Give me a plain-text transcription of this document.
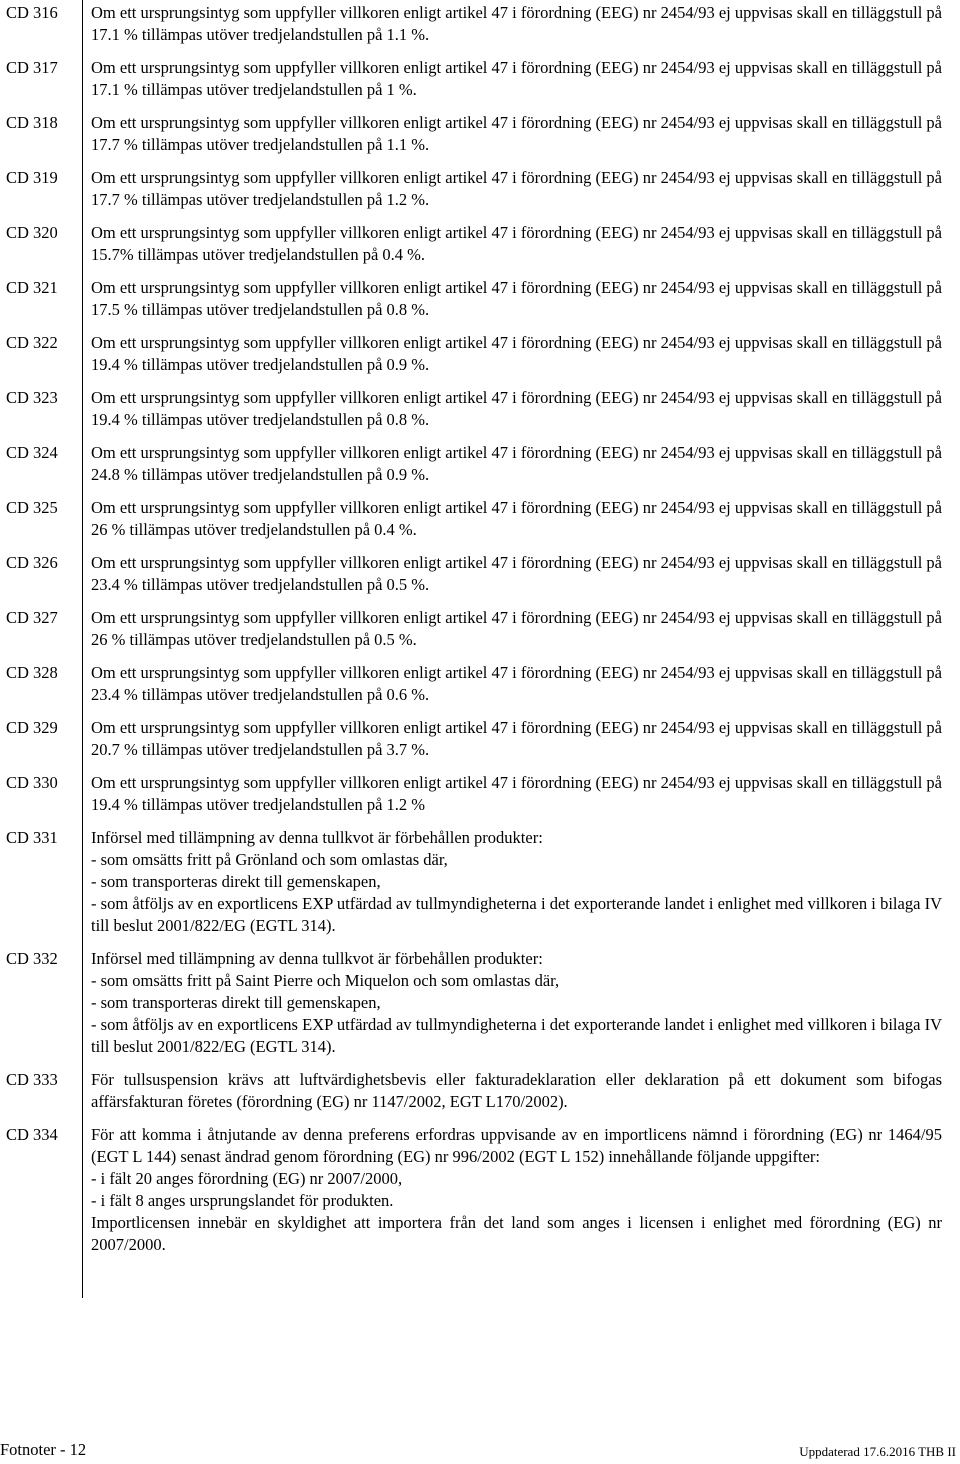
CD 316	Om ett ursprungsintyg som uppfyller villkoren enligt artikel 47 i förordning (EEG) nr 2454/93 ej uppvisas skall en tilläggstull på 17.1 % tillämpas utöver tredjelandstullen på 1.1 %.
CD 317	Om ett ursprungsintyg som uppfyller villkoren enligt artikel 47 i förordning (EEG) nr 2454/93 ej uppvisas skall en tilläggstull på 17.1 % tillämpas utöver tredjelandstullen på 1 %.
CD 318	Om ett ursprungsintyg som uppfyller villkoren enligt artikel 47 i förordning (EEG) nr 2454/93 ej uppvisas skall en tilläggstull på 17.7 % tillämpas utöver tredjelandstullen på 1.1 %.
CD 319	Om ett ursprungsintyg som uppfyller villkoren enligt artikel 47 i förordning (EEG) nr 2454/93 ej uppvisas skall en tilläggstull på 17.7 % tillämpas utöver tredjelandstullen på 1.2 %.
CD 320	Om ett ursprungsintyg som uppfyller villkoren enligt artikel 47 i förordning (EEG) nr 2454/93 ej uppvisas skall en tilläggstull på 15.7% tillämpas utöver tredjelandstullen på 0.4 %.
CD 321	Om ett ursprungsintyg som uppfyller villkoren enligt artikel 47 i förordning (EEG) nr 2454/93 ej uppvisas skall en tilläggstull på 17.5 % tillämpas utöver tredjelandstullen på 0.8 %.
CD 322	Om ett ursprungsintyg som uppfyller villkoren enligt artikel 47 i förordning (EEG) nr 2454/93 ej uppvisas skall en tilläggstull på 19.4 % tillämpas utöver tredjelandstullen på 0.9 %.
CD 323	Om ett ursprungsintyg som uppfyller villkoren enligt artikel 47 i förordning (EEG) nr 2454/93 ej uppvisas skall en tilläggstull på 19.4 % tillämpas utöver tredjelandstullen på 0.8 %.
CD 324	Om ett ursprungsintyg som uppfyller villkoren enligt artikel 47 i förordning (EEG) nr 2454/93 ej uppvisas skall en tilläggstull på 24.8 % tillämpas utöver tredjelandstullen på 0.9 %.
CD 325	Om ett ursprungsintyg som uppfyller villkoren enligt artikel 47 i förordning (EEG) nr 2454/93 ej uppvisas skall en tilläggstull på 26 % tillämpas utöver tredjelandstullen på 0.4 %.
CD 326	Om ett ursprungsintyg som uppfyller villkoren enligt artikel 47 i förordning (EEG) nr 2454/93 ej uppvisas skall en tilläggstull på 23.4 % tillämpas utöver tredjelandstullen på 0.5 %.
CD 327	Om ett ursprungsintyg som uppfyller villkoren enligt artikel 47 i förordning (EEG) nr 2454/93 ej uppvisas skall en tilläggstull på 26 % tillämpas utöver tredjelandstullen på 0.5 %.
CD 328	Om ett ursprungsintyg som uppfyller villkoren enligt artikel 47 i förordning (EEG) nr 2454/93 ej uppvisas skall en tilläggstull på 23.4 % tillämpas utöver tredjelandstullen på 0.6 %.
CD 329	Om ett ursprungsintyg som uppfyller villkoren enligt artikel 47 i förordning (EEG) nr 2454/93 ej uppvisas skall en tilläggstull på 20.7 % tillämpas utöver tredjelandstullen på 3.7 %.
CD 330	Om ett ursprungsintyg som uppfyller villkoren enligt artikel 47 i förordning (EEG) nr 2454/93 ej uppvisas skall en tilläggstull på 19.4 % tillämpas utöver tredjelandstullen på 1.2 %
CD 331	Införsel med tillämpning av denna tullkvot är förbehållen produkter:
- som omsätts fritt på Grönland och som omlastas där,
- som transporteras direkt till gemenskapen,
- som åtföljs av en exportlicens EXP utfärdad av tullmyndigheterna i det exporterande landet i enlighet med villkoren i bilaga IV till beslut 2001/822/EG (EGTL 314).
CD 332	Införsel med tillämpning av denna tullkvot är förbehållen produkter:
- som omsätts fritt på Saint Pierre och Miquelon och som omlastas där,
- som transporteras direkt till gemenskapen,
- som åtföljs av en exportlicens EXP utfärdad av tullmyndigheterna i det exporterande landet i enlighet med villkoren i bilaga IV till beslut 2001/822/EG (EGTL 314).
CD 333	För tullsuspension krävs att luftvärdighetsbevis eller fakturadeklaration eller deklaration på ett dokument som bifogas affärsfakturan företes (förordning (EG) nr 1147/2002, EGT L170/2002).
CD 334	För att komma i åtnjutande av denna preferens erfordras uppvisande av en importlicens nämnd i förordning (EG) nr 1464/95 (EGT L 144) senast ändrad genom förordning (EG) nr 996/2002 (EGT L 152) innehållande följande uppgifter:
- i fält 20 anges förordning (EG) nr 2007/2000,
- i fält 8 anges ursprungslandet för produkten.
Importlicensen innebär en skyldighet att importera från det land som anges i licensen i enlighet med förordning (EG) nr 2007/2000.
Fotnoter - 12	Uppdaterad 17.6.2016 THB II
